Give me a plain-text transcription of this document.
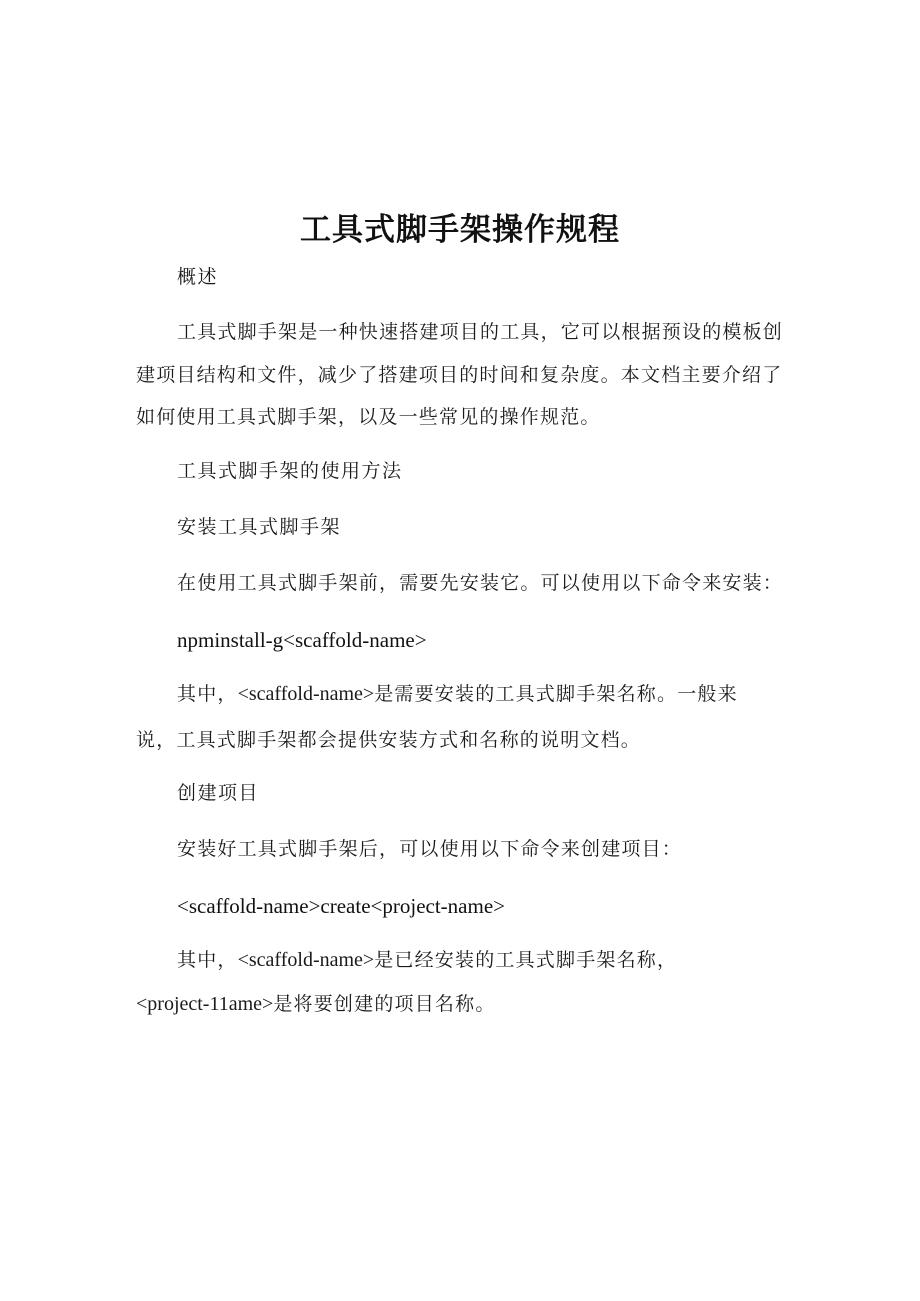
工具式脚手架操作规程
概述
工具式脚手架是一种快速搭建项目的工具，它可以根据预设的模板创
建项目结构和文件，减少了搭建项目的时间和复杂度。本文档主要介绍了
如何使用工具式脚手架，以及一些常见的操作规范。
工具式脚手架的使用方法
安装工具式脚手架
在使用工具式脚手架前，需要先安装它。可以使用以下命令来安装：
npminstall-g<scaffold-name>
其中，<scaffold-name>是需要安装的工具式脚手架名称。一般来
说，工具式脚手架都会提供安装方式和名称的说明文档。
创建项目
安装好工具式脚手架后，可以使用以下命令来创建项目：
<scaffold-name>create<project-name>
其中，<scaffold-name>是已经安装的工具式脚手架名称，
<project-11ame>是将要创建的项目名称。
